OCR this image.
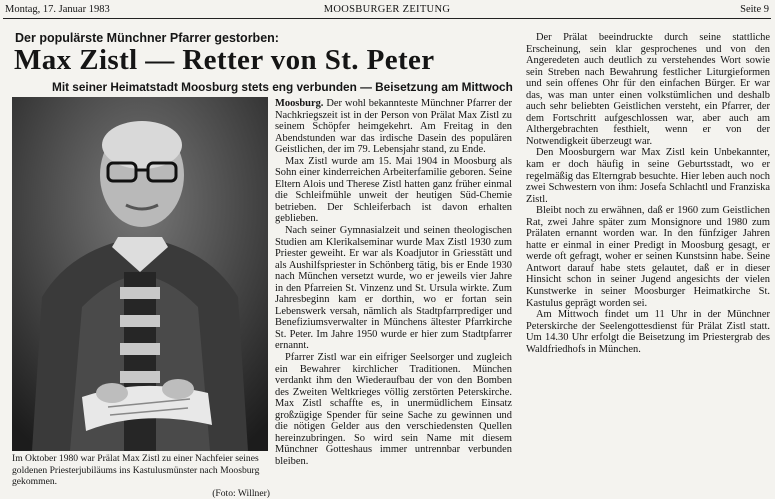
Montag, 17. Januar 1983	MOOSBURGER ZEITUNG	Seite 9
Der populärste Münchner Pfarrer gestorben:
Max Zistl — Retter von St. Peter
Mit seiner Heimatstadt Moosburg stets eng verbunden — Beisetzung am Mittwoch
Im Oktober 1980 war Prälat Max Zistl zu einer Nachfeier seines goldenen Priesterjubiläums ins Kastulusmünster nach Moosburg gekommen.
(Foto: Willner)

Moosburg. Der wohl bekannteste Münchner Pfarrer der Nachkriegszeit ist in der Person von Prälat Max Zistl zu seinem Schöpfer heimgekehrt. Am Freitag in den Abendstunden war das irdische Dasein des populären Geistlichen, der im 79. Lebensjahr stand, zu Ende.

Max Zistl wurde am 15. Mai 1904 in Moosburg als Sohn einer kinderreichen Arbeiterfamilie geboren. Seine Eltern Alois und Therese Zistl hatten ganz früher einmal die Schleifmühle unweit der heutigen Süd-Chemie betrieben. Der Schleiferbach ist davon erhalten geblieben.

Nach seiner Gymnasialzeit und seinen theologischen Studien am Klerikalseminar wurde Max Zistl 1930 zum Priester geweiht. Er war als Koadjutor in Griesstätt und als Aushilfspriester in Schönberg tätig, bis er Ende 1930 nach München versetzt wurde, wo er jeweils vier Jahre in den Pfarreien St. Vinzenz und St. Ursula wirkte. Zum Jahresbeginn kam er dorthin, wo er fortan sein Lebenswerk versah, nämlich als Stadtpfarrprediger und Benefiziumsverwalter in Münchens ältester Pfarrkirche St. Peter. Im Jahre 1950 wurde er hier zum Stadtpfarrer ernannt.

Pfarrer Zistl war ein eifriger Seelsorger und zugleich ein Bewahrer kirchlicher Traditionen. München verdankt ihm den Wiederaufbau der von den Bomben des Zweiten Weltkrieges völlig zerstörten Peterskirche. Max Zistl schaffte es, in unermüdlichem Einsatz großzügige Spender für seine Sache zu gewinnen und die nötigen Gelder aus den verschiedensten Quellen hereinzubringen. So wird sein Name mit diesem Münchner Gotteshaus immer untrennbar verbunden bleiben.

Der Prälat beeindruckte durch seine stattliche Erscheinung, sein klar gesprochenes und von den Angeredeten auch deutlich zu verstehendes Wort sowie sein Streben nach Bewahrung festlicher Liturgieformen und sein offenes Ohr für den einfachen Bürger. Er war das, was man unter einen volkstümlichen und deshalb auch sehr beliebten Geistlichen versteht, ein Pfarrer, der dem Fortschritt aufgeschlossen war, aber auch am Althergebrachten festhielt, wenn er von der Notwendigkeit überzeugt war.

Den Moosburgern war Max Zistl kein Unbekannter, kam er doch häufig in seine Geburtsstadt, wo er regelmäßig das Elterngrab besuchte. Hier leben auch noch zwei Schwestern von ihm: Josefa Schlachtl und Franziska Zistl.

Bleibt noch zu erwähnen, daß er 1960 zum Geistlichen Rat, zwei Jahre später zum Monsignore und 1980 zum Prälaten ernannt worden war. In den fünfziger Jahren hatte er einmal in einer Predigt in Moosburg gesagt, er werde oft gefragt, woher er seinen Kunstsinn habe. Seine Antwort darauf habe stets gelautet, daß er in dieser Hinsicht schon in seiner Jugend angesichts der vielen Kunstwerke in seiner Moosburger Heimatkirche St. Kastulus geprägt worden sei.

Am Mittwoch findet um 11 Uhr in der Münchner Peterskirche der Seelengottesdienst für Prälat Zistl statt. Um 14.30 Uhr erfolgt die Beisetzung im Priestergrab des Waldfriedhofs in München.
